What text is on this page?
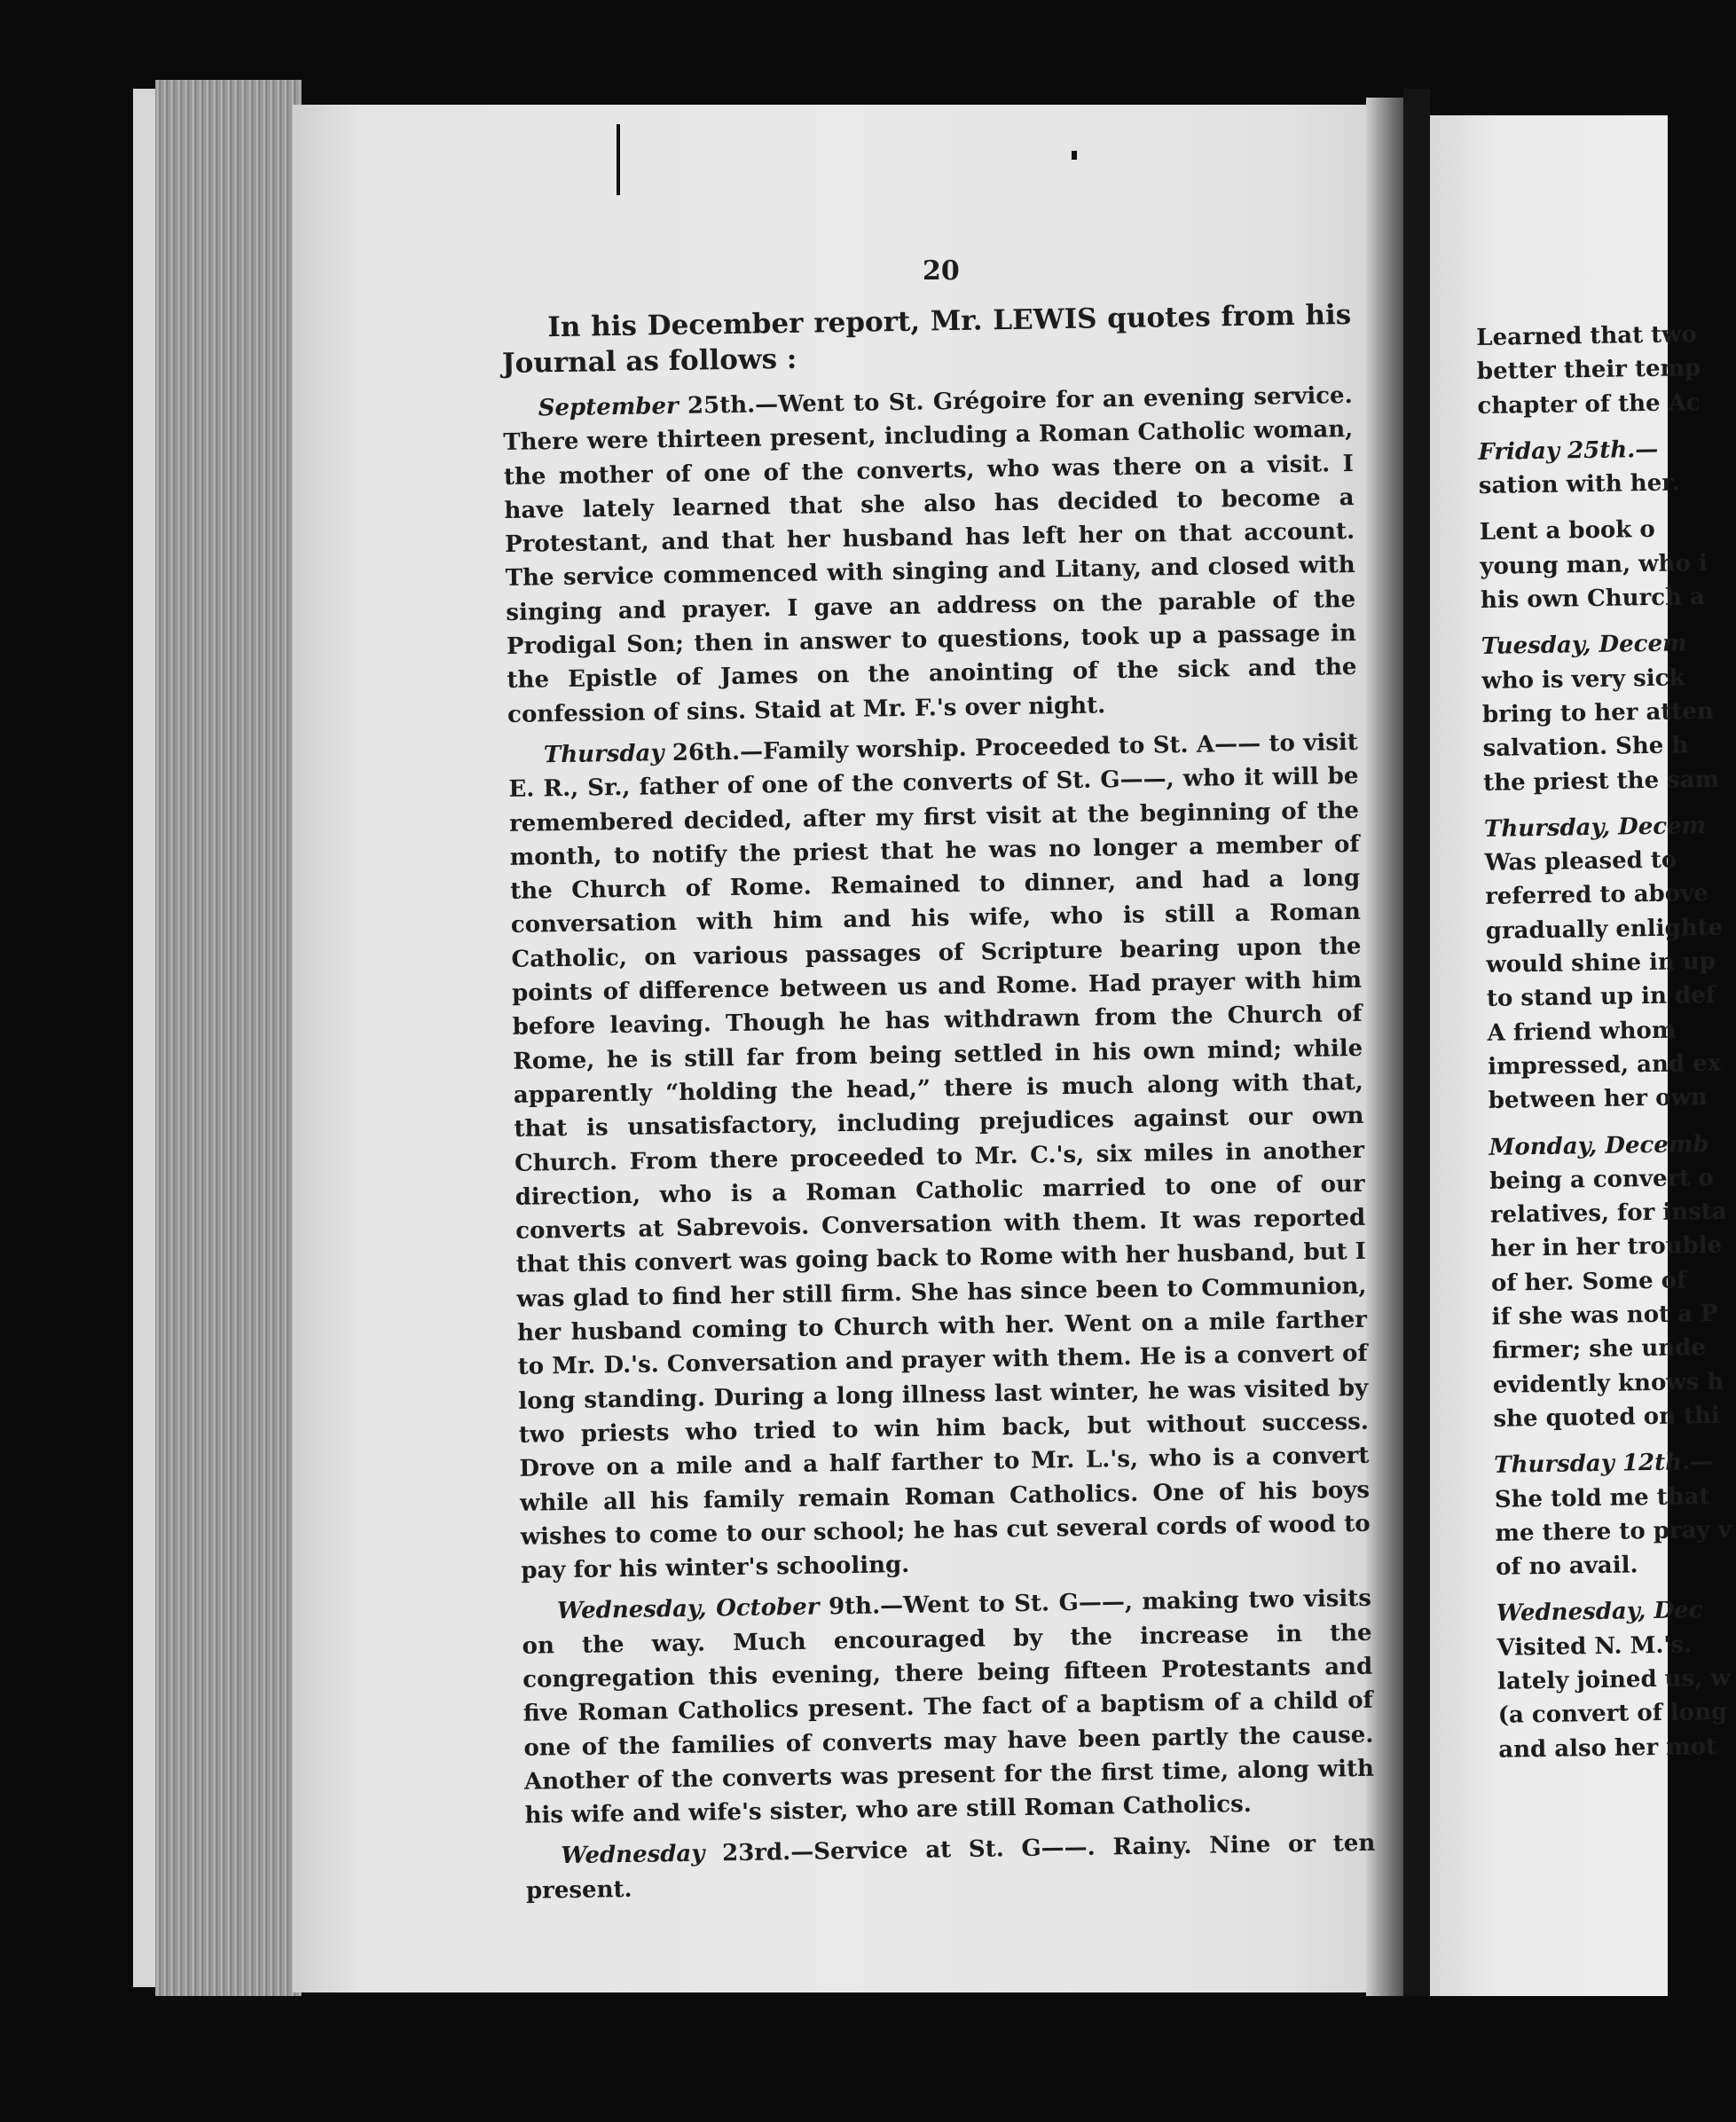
20

In his December report, Mr. LEWIS quotes from his Journal as follows :

September 25th.—Went to St. Grégoire for an evening service. There were thirteen present, including a Roman Catholic woman, the mother of one of the converts, who was there on a visit. I have lately learned that she also has decided to become a Protestant, and that her husband has left her on that account. The service commenced with singing and Litany, and closed with singing and prayer. I gave an address on the parable of the Prodigal Son; then in answer to questions, took up a passage in the Epistle of James on the anointing of the sick and the confession of sins. Staid at Mr. F.'s over night.

Thursday 26th.—Family worship. Proceeded to St. A—— to visit E. R., Sr., father of one of the converts of St. G——, who it will be remembered decided, after my first visit at the beginning of the month, to notify the priest that he was no longer a member of the Church of Rome. Remained to dinner, and had a long conversation with him and his wife, who is still a Roman Catholic, on various passages of Scripture bearing upon the points of difference between us and Rome. Had prayer with him before leaving. Though he has withdrawn from the Church of Rome, he is still far from being settled in his own mind; while apparently “holding the head,” there is much along with that, that is unsatisfactory, including prejudices against our own Church. From there proceeded to Mr. C.'s, six miles in another direction, who is a Roman Catholic married to one of our converts at Sabrevois. Conversation with them. It was reported that this convert was going back to Rome with her husband, but I was glad to find her still firm. She has since been to Communion, her husband coming to Church with her. Went on a mile farther to Mr. D.'s. Conversation and prayer with them. He is a convert of long standing. During a long illness last winter, he was visited by two priests who tried to win him back, but without success. Drove on a mile and a half farther to Mr. L.'s, who is a convert while all his family remain Roman Catholics. One of his boys wishes to come to our school; he has cut several cords of wood to pay for his winter's schooling.

Wednesday, October 9th.—Went to St. G——, making two visits on the way. Much encouraged by the increase in the congregation this evening, there being fifteen Protestants and five Roman Catholics present. The fact of a baptism of a child of one of the families of converts may have been partly the cause. Another of the converts was present for the first time, along with his wife and wife's sister, who are still Roman Catholics.

Wednesday 23rd.—Service at St. G——. Rainy. Nine or ten present.

Learned that two
better their temp
chapter of the Ac
Friday 25th.—
sation with her.
Lent a book o
young man, who i
his own Church a
Tuesday, Decem
who is very sick
bring to her atten
salvation. She h
the priest the sam
Thursday, Decem
Was pleased to
referred to above
gradually enlighte
would shine in up
to stand up in def
A friend whom
impressed, and ex
between her own
Monday, Decemb
being a convert o
relatives, for insta
her in her trouble
of her. Some of
if she was not a P
firmer; she unde
evidently knows h
she quoted on thi
Thursday 12th.—
She told me that
me there to pray v
of no avail.
Wednesday, Dec
Visited N. M.'s.
lately joined us, w
(a convert of long
and also her mot
